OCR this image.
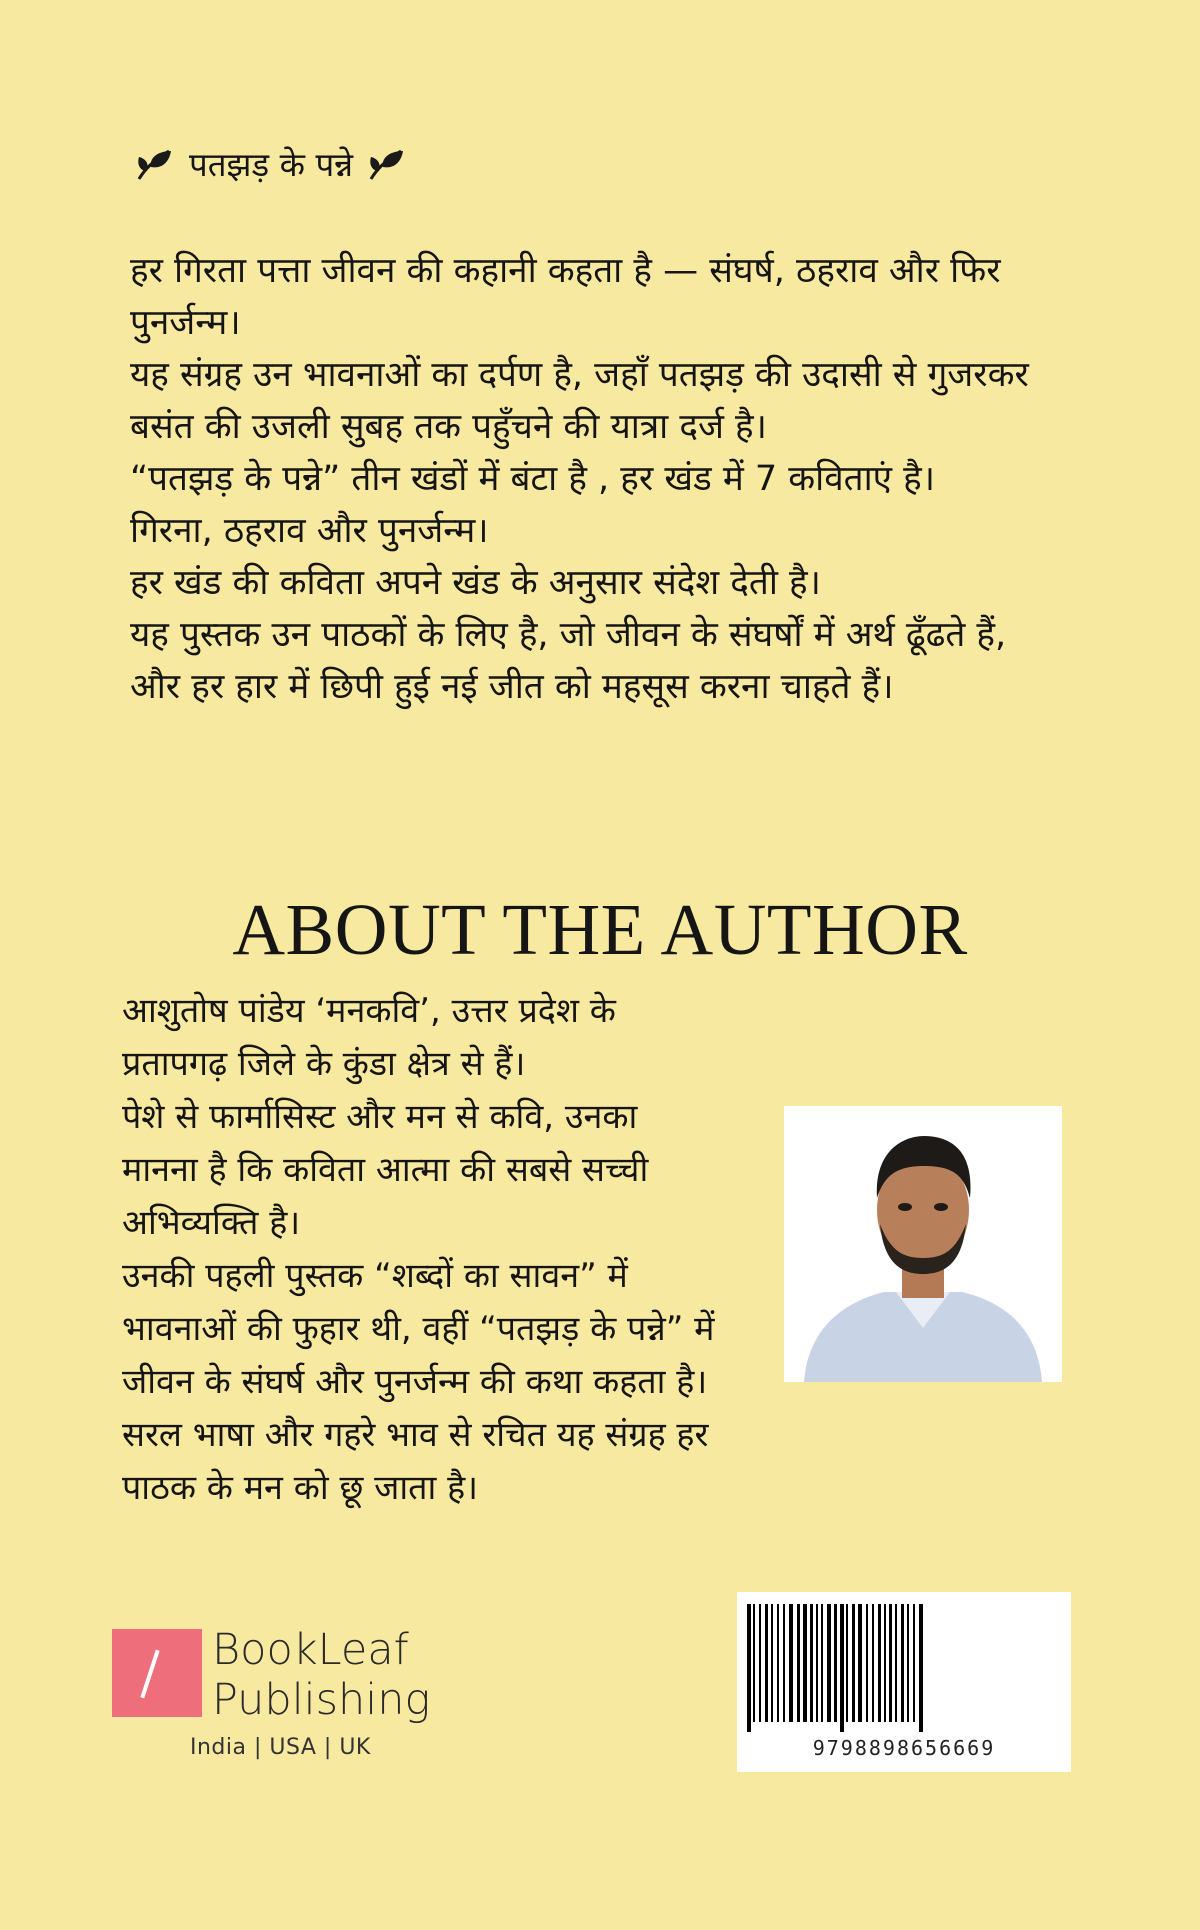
पतझड़ के पन्ने

हर गिरता पत्ता जीवन की कहानी कहता है — संघर्ष, ठहराव और फिर पुनर्जन्म।

यह संग्रह उन भावनाओं का दर्पण है, जहाँ पतझड़ की उदासी से गुजरकर बसंत की उजली सुबह तक पहुँचने की यात्रा दर्ज है।

“पतझड़ के पन्ने” तीन खंडों में बंटा है , हर खंड में 7 कविताएं है।

गिरना, ठहराव और पुनर्जन्म।

हर खंड की कविता अपने खंड के अनुसार संदेश देती है।

यह पुस्तक उन पाठकों के लिए है, जो जीवन के संघर्षों में अर्थ ढूँढते हैं, और हर हार में छिपी हुई नई जीत को महसूस करना चाहते हैं।

ABOUT THE AUTHOR

आशुतोष पांडेय ‘मनकवि’, उत्तर प्रदेश के प्रतापगढ़ जिले के कुंडा क्षेत्र से हैं।

पेशे से फार्मासिस्ट और मन से कवि, उनका मानना है कि कविता आत्मा की सबसे सच्ची अभिव्यक्ति है।

उनकी पहली पुस्तक “शब्दों का सावन” में भावनाओं की फुहार थी, वहीं “पतझड़ के पन्ने” में जीवन के संघर्ष और पुनर्जन्म की कथा कहता है।

सरल भाषा और गहरे भाव से रचित यह संग्रह हर पाठक के मन को छू जाता है।

BookLeaf
Publishing
India | USA | UK	9798898656669
